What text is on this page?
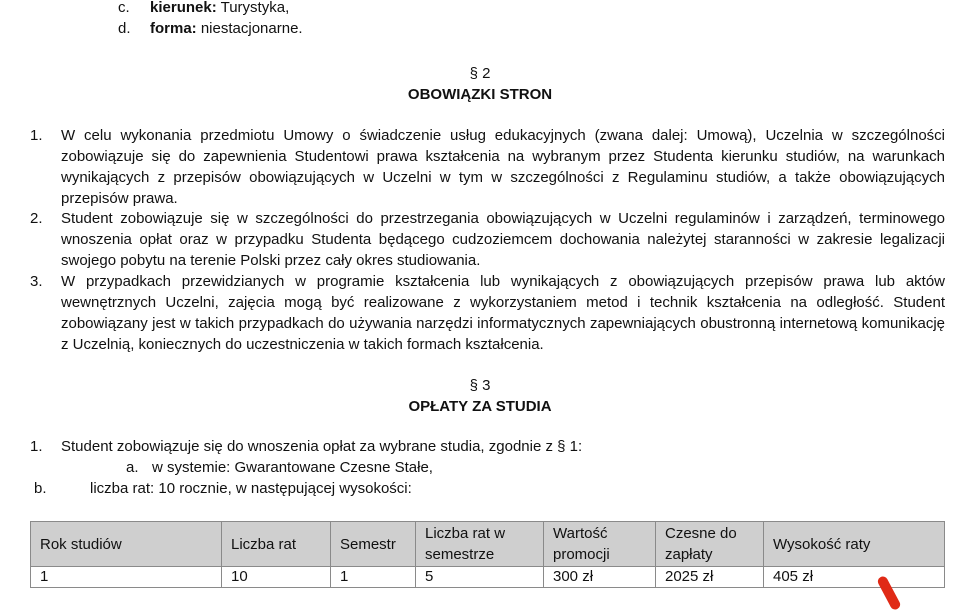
c. kierunek: Turystyka,
d. forma: niestacjonarne.
§ 2
OBOWIĄZKI STRON
1. W celu wykonania przedmiotu Umowy o świadczenie usług edukacyjnych (zwana dalej: Umową), Uczelnia w szczególności zobowiązuje się do zapewnienia Studentowi prawa kształcenia na wybranym przez Studenta kierunku studiów, na warunkach wynikających z przepisów obowiązujących w Uczelni w tym w szczególności z Regulaminu studiów, a także obowiązujących przepisów prawa.
2. Student zobowiązuje się w szczególności do przestrzegania obowiązujących w Uczelni regulaminów i zarządzeń, terminowego wnoszenia opłat oraz w przypadku Studenta będącego cudzoziemcem dochowania należytej staranności w zakresie legalizacji swojego pobytu na terenie Polski przez cały okres studiowania.
3. W przypadkach przewidzianych w programie kształcenia lub wynikających z obowiązujących przepisów prawa lub aktów wewnętrznych Uczelni, zajęcia mogą być realizowane z wykorzystaniem metod i technik kształcenia na odległość. Student zobowiązany jest w takich przypadkach do używania narzędzi informatycznych zapewniających obustronną internetową komunikację z Uczelnią, koniecznych do uczestniczenia w takich formach kształcenia.
§ 3
OPŁATY ZA STUDIA
1. Student zobowiązuje się do wnoszenia opłat za wybrane studia, zgodnie z § 1:
a. w systemie: Gwarantowane Czesne Stałe,
b.	liczba rat: 10 rocznie, w następującej wysokości:
Rok studiów	Liczba rat	Semestr	Liczba rat w semestrze	Wartość promocji	Czesne do zapłaty	Wysokość raty
1	10	1	5	300 zł	2025 zł	405 zł
